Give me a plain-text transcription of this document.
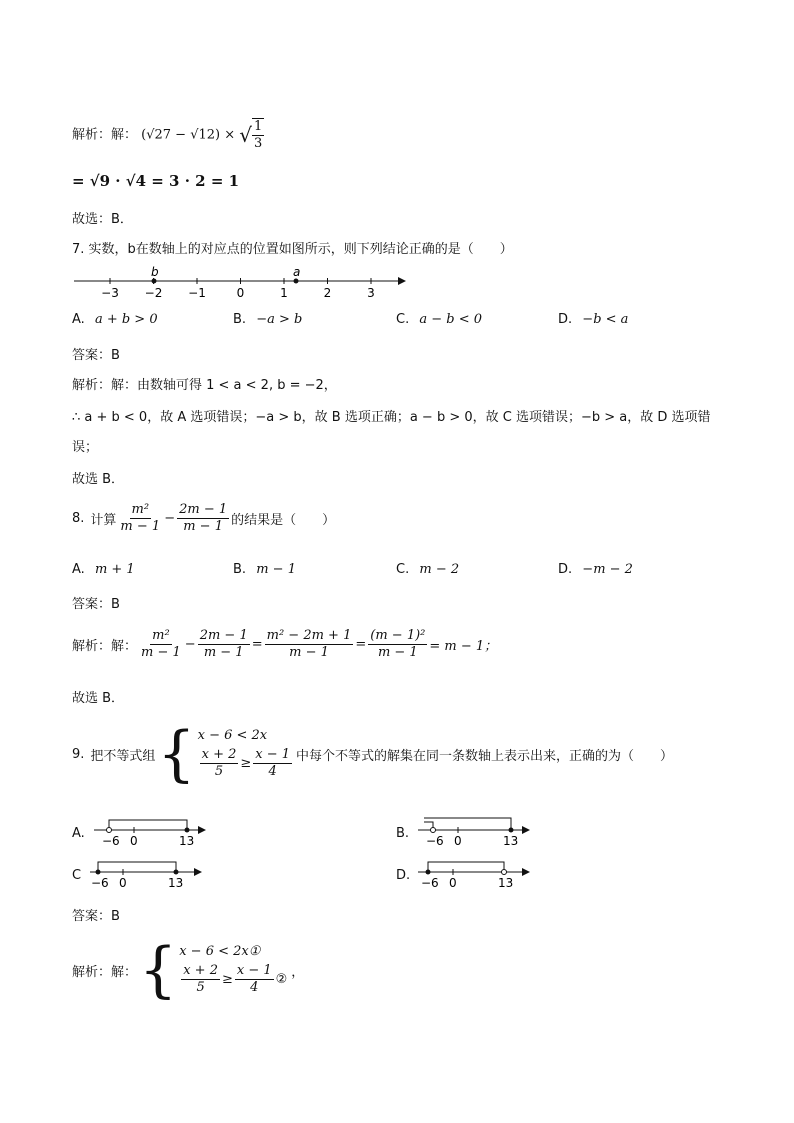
解析：解： (√27 − √12) × √ $\frac{1}{3}$
= √9 · √4 = 3 · 2 = 1
故选：B．
7. 实数，b在数轴上的对应点的位置如图所示，则下列结论正确的是（　　）
−3 −2 −1	0	1	2	3
b	a
A. a + b > 0	B. −a > b	C. a − b < 0	D. −b < a
答案：B
解析：解：由数轴可得 1 < a < 2, b = −2，
∴ a + b < 0，故 A 选项错误；−a > b，故 B 选项正确；a − b > 0，故 C 选项错误；−b > a，故 D 选项错
误；
故选 B．
8. 计算 $\frac{\text{m²}}{m - 1} - \frac{2m - 1}{m - 1}$ 的结果是（　　）
A. m + 1	B. m − 1	C. m − 2	D. −m − 2
答案：B
解析：解： $\frac{\text{m²}}{m - 1} - \frac{2m - 1}{m - 1} = \frac{\text{m² − 2m + 1}}{m - 1} = \frac{\text{(m − 1)²}}{m - 1} = m - 1$；
故选 B．
9. 把不等式组 { x − 6 < 2x
$\frac{x + 2}{5} \ge \frac{x - 1}{4}$ 中每个不等式的解集在同一条数轴上表示出来，正确的为（　　）
A. −6 0	13	B. −6 0	13
C −6 0	13	D. −6 0	13
答案：B
解析：解： { x − 6 < 2x①
$\frac{x + 2}{5} \ge \frac{x - 1}{4}$ ② ，
